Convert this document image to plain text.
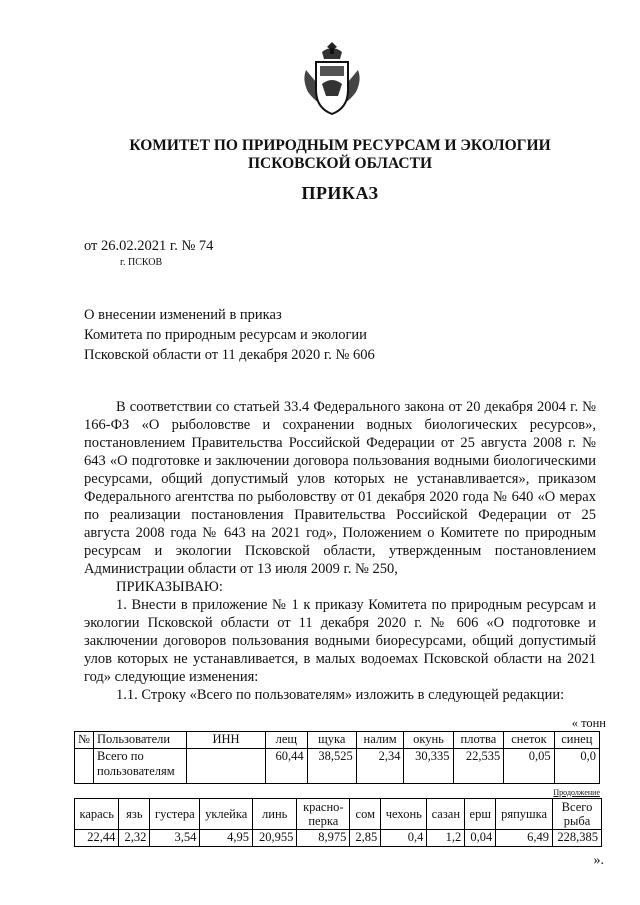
КОМИТЕТ ПО ПРИРОДНЫМ РЕСУРСАМ И ЭКОЛОГИИ
ПСКОВСКОЙ ОБЛАСТИ
ПРИКАЗ
от 26.02.2021 г. № 74
г. ПСКОВ
О внесении изменений в приказ
Комитета по природным ресурсам и экологии
Псковской области от 11 декабря 2020 г. № 606

В соответствии со статьей 33.4 Федерального закона от 20 декабря 2004 г. № 166-ФЗ «О рыболовстве и сохранении водных биологических ресурсов», постановлением Правительства Российской Федерации от 25 августа 2008 г. № 643 «О подготовке и заключении договора пользования водными биологическими ресурсами, общий допустимый улов которых не устанавливается», приказом Федерального агентства по рыболовству от 01 декабря 2020 года № 640 «О мерах по реализации постановления Правительства Российской Федерации от 25 августа 2008 года № 643 на 2021 год», Положением о Комитете по природным ресурсам и экологии Псковской области, утвержденным постановлением Администрации области от 13 июля 2009 г. № 250,

ПРИКАЗЫВАЮ:

1. Внести в приложение № 1 к приказу Комитета по природным ресурсам и экологии Псковской области от 11 декабря 2020 г. № 606 «О подготовке и заключении договоров пользования водными биоресурсами, общий допустимый улов которых не устанавливается, в малых водоемах Псковской области на 2021 год» следующие изменения:

1.1. Строку «Всего по пользователям» изложить в следующей редакции:

« тонн
№	Пользователи	ИНН	лещ	щука	налим	окунь	плотва	снеток	синец
	Всего по пользователям		60,44	38,525	2,34	30,335	22,535	0,05	0,0
Продолжение
карась	язь	густера	уклейка	линь	красно-перка	сом	чехонь	сазан	ерш	ряпушка	Всего рыба
22,44	2,32	3,54	4,95	20,955	8,975	2,85	0,4	1,2	0,04	6,49	228,385
».
